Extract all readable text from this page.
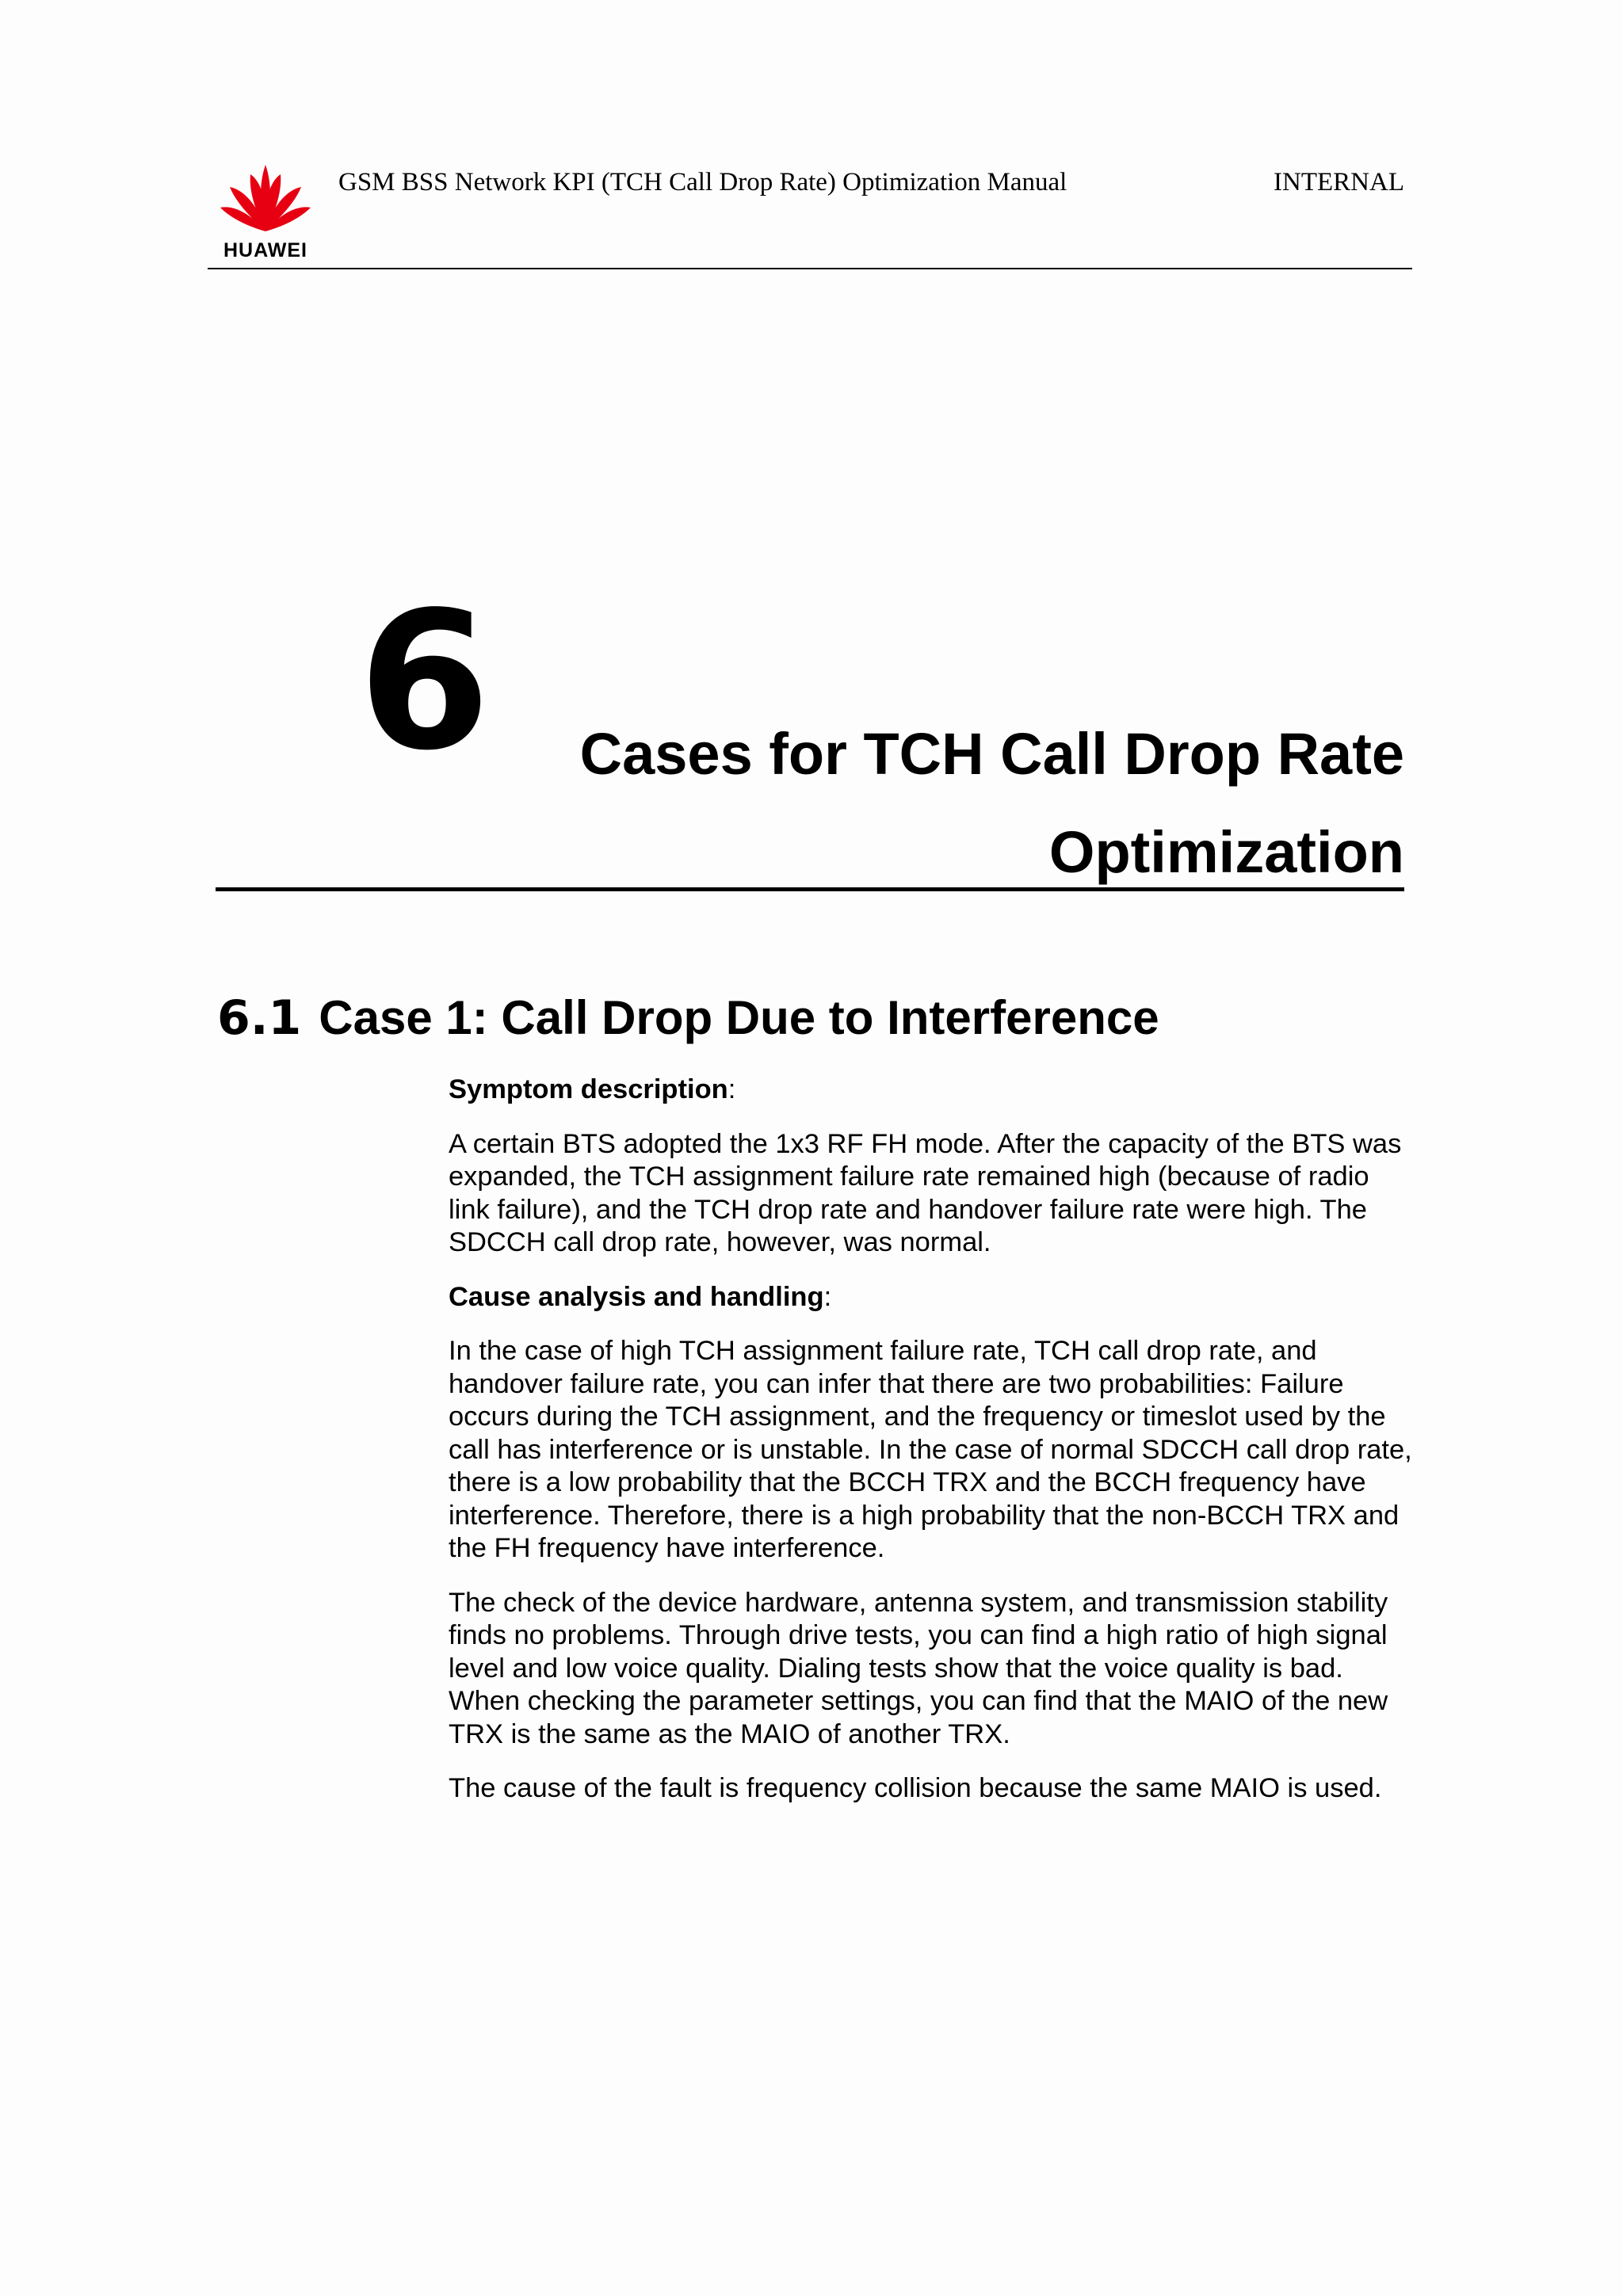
HUAWEI
GSM BSS Network KPI (TCH Call Drop Rate) Optimization Manual	INTERNAL
6	Cases for TCH Call Drop Rate Optimization
6.1 Case 1: Call Drop Due to Interference

Symptom description:

A certain BTS adopted the 1x3 RF FH mode. After the capacity of the BTS was expanded, the TCH assignment failure rate remained high (because of radio link failure), and the TCH drop rate and handover failure rate were high. The SDCCH call drop rate, however, was normal.

Cause analysis and handling:

In the case of high TCH assignment failure rate, TCH call drop rate, and handover failure rate, you can infer that there are two probabilities: Failure occurs during the TCH assignment, and the frequency or timeslot used by the call has interference or is unstable. In the case of normal SDCCH call drop rate, there is a low probability that the BCCH TRX and the BCCH frequency have interference. Therefore, there is a high probability that the non-BCCH TRX and the FH frequency have interference.

The check of the device hardware, antenna system, and transmission stability finds no problems. Through drive tests, you can find a high ratio of high signal level and low voice quality. Dialing tests show that the voice quality is bad. When checking the parameter settings, you can find that the MAIO of the new TRX is the same as the MAIO of another TRX.

The cause of the fault is frequency collision because the same MAIO is used.
